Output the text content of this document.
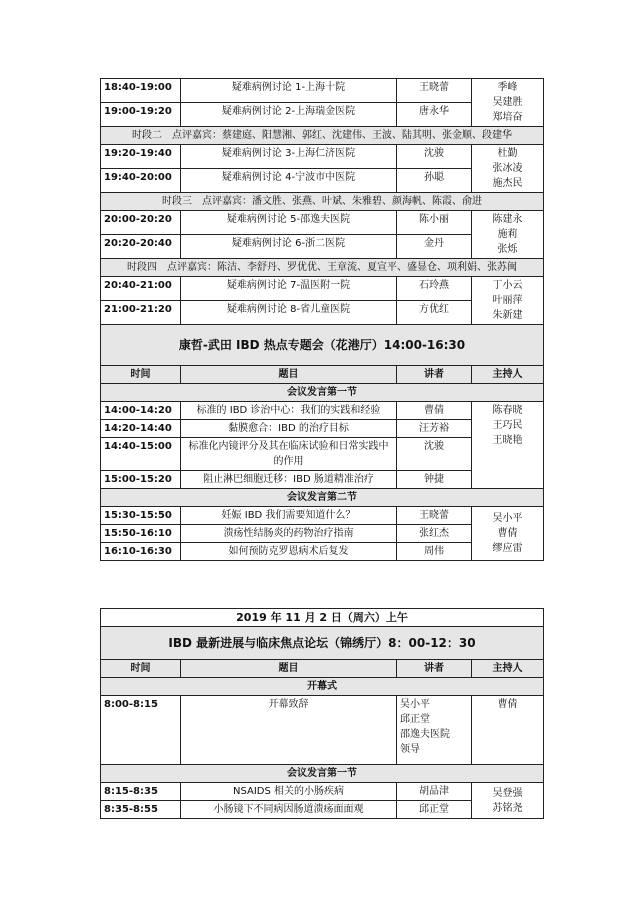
18:40-19:00	疑难病例讨论 1-上海十院	王晓蕾	季峰
吴建胜
郑培奋

19:00-19:20	疑难病例讨论 2-上海瑞金医院	唐永华	
时段二　点评嘉宾：蔡建庭、阳慧湘、郭红、沈建伟、王波、陆其明、张金顺、段建华			
19:20-19:40	疑难病例讨论 3-上海仁济医院	沈骏	杜勤
张冰凌
施杰民

19:40-20:00	疑难病例讨论 4-宁波市中医院	孙聪	
时段三　点评嘉宾：潘文胜、张燕、叶斌、朱雅碧、颜海帆、陈霞、俞进			
20:00-20:20	疑难病例讨论 5-邵逸夫医院	陈小丽	陈建永
施莉
张烁

20:20-20:40	疑难病例讨论 6-浙二医院	金丹	
时段四　点评嘉宾：陈洁、李舒丹、罗优优、王章流、夏宣平、盛显仓、项利娟、张苏闽			
20:40-21:00	疑难病例讨论 7-温医附一院	石玲燕	丁小云
叶丽萍
朱新建

21:00-21:20	疑难病例讨论 8-省儿童医院	方优红	
康哲-武田 IBD 热点专题会（花港厅）14:00-16:30			
时间	题目	讲者	主持人
会议发言第一节			
14:00-14:20	标准的 IBD 诊治中心：我们的实践和经验	曹倩	陈春晓
王巧民
王晓艳

14:20-14:40	黏膜愈合：IBD 的治疗目标	汪芳裕	
14:40-15:00	标准化内镜评分及其在临床试验和日常实践中的作用	沈骏	
15:00-15:20	阻止淋巴细胞迁移：IBD 肠道精准治疗	钟捷	
会议发言第二节			
15:30-15:50	妊娠 IBD 我们需要知道什么？	王晓蕾	吴小平
曹倩
缪应雷

15:50-16:10	溃疡性结肠炎的药物治疗指南	张红杰	
16:10-16:30	如何预防克罗恩病术后复发	周伟	
2019 年 11 月 2 日（周六）上午			
IBD 最新进展与临床焦点论坛（锦绣厅）8：00-12：30			
时间	题目	讲者	主持人
开幕式			
8:00-8:15	开幕致辞	吴小平
邱正堂
邵逸夫医院
领导	曹倩
会议发言第一节			
8:15-8:35	NSAIDS 相关的小肠疾病	胡品津	吴登强
苏铭尧

8:35-8:55	小肠镜下不同病因肠道溃疡面面观	邱正堂	
